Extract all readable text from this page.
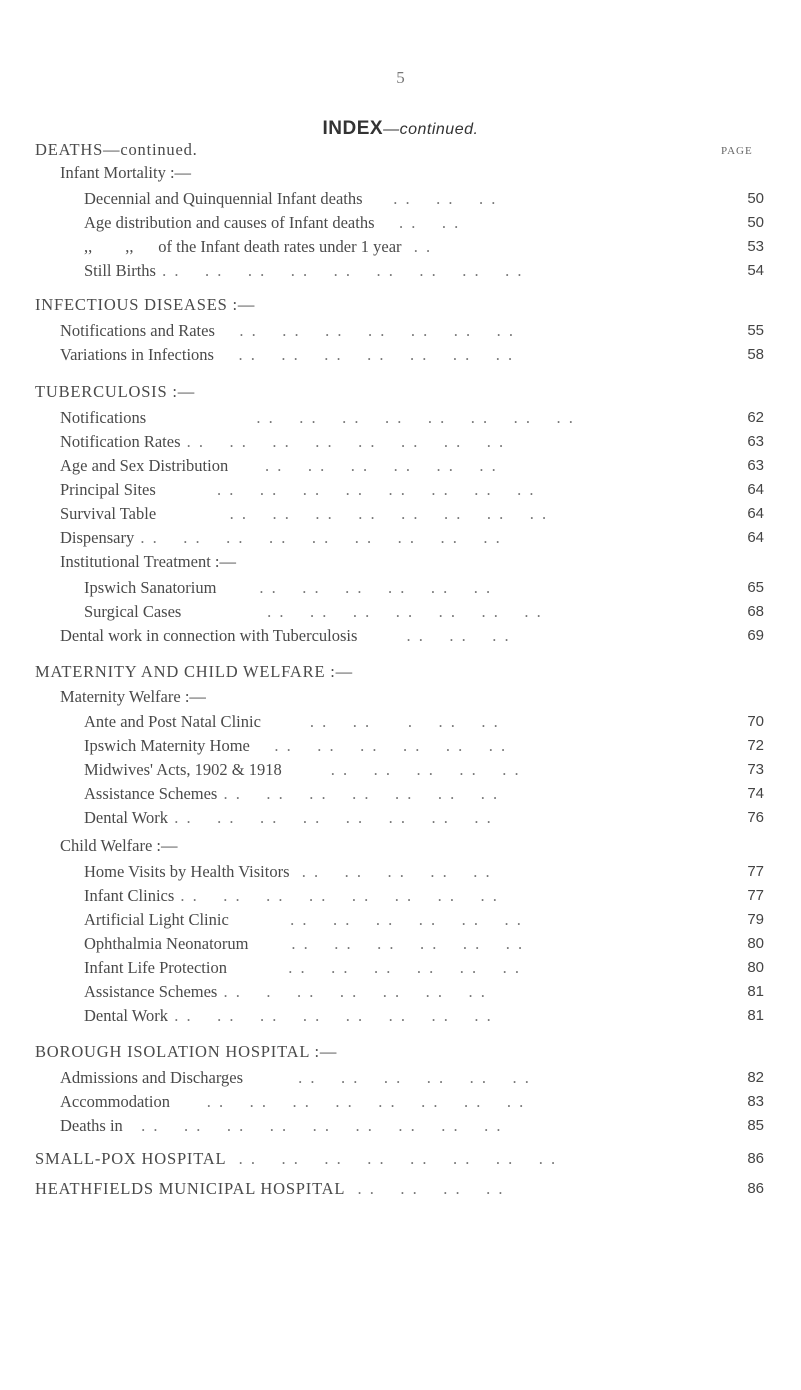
5
INDEX—continued.
PAGE
DEATHS—continued.
Infant Mortality :—
Decennial and Quinquennial Infant deaths     . .    . .    . .	50
Age distribution and causes of Infant deaths    . .    . .	50
,,        ,,      of the Infant death rates under 1 year  . .	53
Still Births . .    . .    . .    . .    . .    . .    . .    . .    . .	54
INFECTIOUS DISEASES :—
Notifications and Rates    . .    . .    . .    . .    . .    . .    . .	55
Variations in Infections    . .    . .    . .    . .    . .    . .    . .	58
TUBERCULOSIS :—
Notifications                  . .    . .    . .    . .    . .    . .    . .    . .	62
Notification Rates . .    . .    . .    . .    . .    . .    . .    . .	63
Age and Sex Distribution      . .    . .    . .    . .    . .    . .	63
Principal Sites          . .    . .    . .    . .    . .    . .    . .    . .	64
Survival Table            . .    . .    . .    . .    . .    . .    . .    . .	64
Dispensary . .    . .    . .    . .    . .    . .    . .    . .    . .	64
Institutional Treatment :—
Ipswich Sanatorium       . .    . .    . .    . .    . .    . .	65
Surgical Cases              . .    . .    . .    . .    . .    . .    . .	68
Dental work in connection with Tuberculosis        . .    . .    . .	69
MATERNITY AND CHILD WELFARE :—
Maternity Welfare :—
Ante and Post Natal Clinic        . .    . .      .    . .    . .	70
Ipswich Maternity Home    . .    . .    . .    . .    . .    . .	72
Midwives' Acts, 1902 & 1918        . .    . .    . .    . .    . .	73
Assistance Schemes . .    . .    . .    . .    . .    . .    . .	74
Dental Work . .    . .    . .    . .    . .    . .    . .    . .	76
Child Welfare :—
Home Visits by Health Visitors  . .    . .    . .    . .    . .	77
Infant Clinics . .    . .    . .    . .    . .    . .    . .    . .	77
Artificial Light Clinic          . .    . .    . .    . .    . .    . .	79
Ophthalmia Neonatorum       . .    . .    . .    . .    . .    . .	80
Infant Life Protection          . .    . .    . .    . .    . .    . .	80
Assistance Schemes . .    .    . .    . .    . .    . .    . .	81
Dental Work . .    . .    . .    . .    . .    . .    . .    . .	81
BOROUGH ISOLATION HOSPITAL :—
Admissions and Discharges         . .    . .    . .    . .    . .    . .	82
Accommodation      . .    . .    . .    . .    . .    . .    . .    . .	83
Deaths in   . .    . .    . .    . .    . .    . .    . .    . .    . .	85
SMALL-POX HOSPITAL  . .    . .    . .    . .    . .    . .    . .    . .	86
HEATHFIELDS MUNICIPAL HOSPITAL  . .    . .    . .    . .	86
